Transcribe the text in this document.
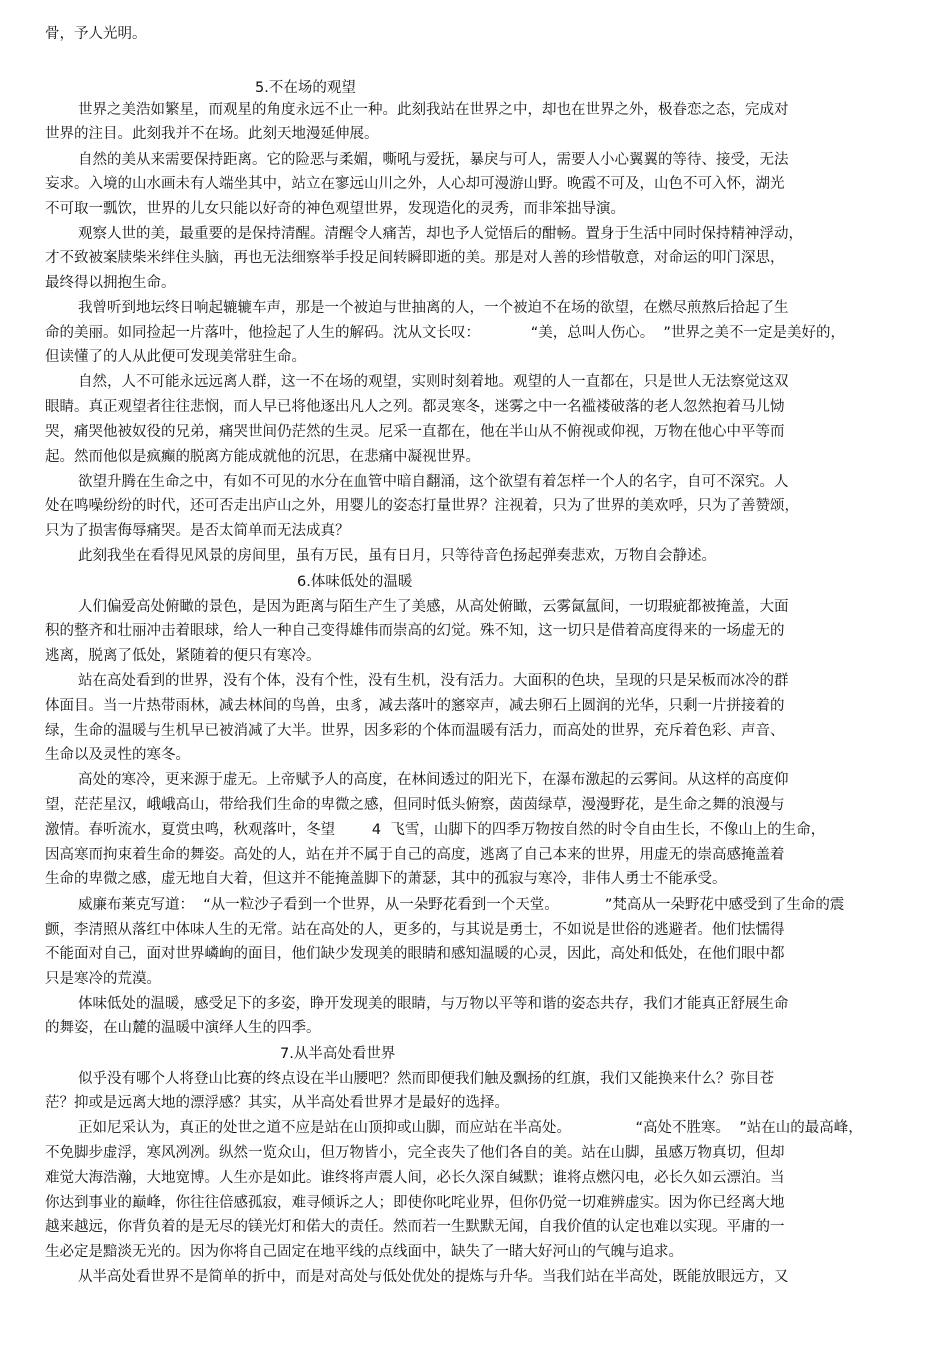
骨，予人光明。
5.不在场的观望
世界之美浩如繁星，而观星的角度永远不止一种。此刻我站在世界之中，却也在世界之外，极眷恋之态，完成对
世界的注目。此刻我并不在场。此刻天地漫延伸展。
自然的美从来需要保持距离。它的险恶与柔媚，嘶吼与爱抚，暴戾与可人，需要人小心翼翼的等待、接受，无法
妄求。入境的山水画未有人端坐其中，站立在寥远山川之外，人心却可漫游山野。晚霞不可及，山色不可入怀，湖光
不可取一瓢饮，世界的儿女只能以好奇的神色观望世界，发现造化的灵秀，而非笨拙导演。
观察人世的美，最重要的是保持清醒。清醒令人痛苦，却也予人觉悟后的酣畅。置身于生活中同时保持精神浮动，
才不致被案牍柴米绊住头脑，再也无法细察举手投足间转瞬即逝的美。那是对人善的珍惜敬意，对命运的叩门深思，
最终得以拥抱生命。
我曾听到地坛终日响起辘辘车声，那是一个被迫与世抽离的人，一个被迫不在场的欲望，在燃尽煎熬后拾起了生
命的美丽。如同捡起一片落叶，他捡起了人生的解码。沈从文长叹：           “美，总叫人伤心。  ”世界之美不一定是美好的，
但读懂了的人从此便可发现美常驻生命。
自然，人不可能永远远离人群，这一不在场的观望，实则时刻着地。观望的人一直都在，只是世人无法察觉这双
眼睛。真正观望者往往悲悯，而人早已将他逐出凡人之列。都灵寒冬，迷雾之中一名褴褛破落的老人忽然抱着马儿恸
哭，痛哭他被奴役的兄弟，痛哭世间仍茫然的生灵。尼采一直都在，他在半山从不俯视或仰视，万物在他心中平等而
起。然而他似是疯癫的脱离方能成就他的沉思，在悲痛中凝视世界。
欲望升腾在生命之中，有如不可见的水分在血管中暗自翻涌，这个欲望有着怎样一个人的名字，自可不深究。人
处在鸣噪纷纷的时代，还可否走出庐山之外，用婴儿的姿态打量世界？注视着，只为了世界的美欢呼，只为了善赞颂，
只为了损害侮辱痛哭。是否太简单而无法成真？
此刻我坐在看得见风景的房间里，虽有万民，虽有日月，只等待音色扬起弹奏悲欢，万物自会静述。
6.体味低处的温暖
人们偏爱高处俯瞰的景色，是因为距离与陌生产生了美感，从高处俯瞰，云雾氤氲间，一切瑕疵都被掩盖，大面
积的整齐和壮丽冲击着眼球，给人一种自己变得雄伟而崇高的幻觉。殊不知，这一切只是借着高度得来的一场虚无的
逃离，脱离了低处，紧随着的便只有寒冷。
站在高处看到的世界，没有个体，没有个性，没有生机，没有活力。大面积的色块，呈现的只是呆板而冰冷的群
体面目。当一片热带雨林，减去林间的鸟兽，虫豸，减去落叶的窸窣声，减去卵石上圆润的光华，只剩一片拼接着的
绿，生命的温暖与生机早已被消减了大半。世界，因多彩的个体而温暖有活力，而高处的世界，充斥着色彩、声音、
生命以及灵性的寒冬。
高处的寒冷，更来源于虚无。上帝赋予人的高度，在林间透过的阳光下，在瀑布激起的云雾间。从这样的高度仰
望，茫茫星汉，峨峨高山，带给我们生命的卑微之感，但同时低头俯察，茵茵绿草，漫漫野花，是生命之舞的浪漫与
激情。春听流水，夏赏虫鸣，秋观落叶，冬望        4  飞雪，山脚下的四季万物按自然的时令自由生长，不像山上的生命，
因高寒而拘束着生命的舞姿。高处的人，站在并不属于自己的高度，逃离了自己本来的世界，用虚无的崇高感掩盖着
生命的卑微之感，虚无地自大着，但这并不能掩盖脚下的萧瑟，其中的孤寂与寒冷，非伟人勇士不能承受。
威廉布莱克写道：  “从一粒沙子看到一个世界，从一朵野花看到一个天堂。          ”梵高从一朵野花中感受到了生命的震
颤，李清照从落红中体味人生的无常。站在高处的人，更多的，与其说是勇士，不如说是世俗的逃避者。他们怯懦得
不能面对自己，面对世界嶙峋的面目，他们缺少发现美的眼睛和感知温暖的心灵，因此，高处和低处，在他们眼中都
只是寒冷的荒漠。
体味低处的温暖，感受足下的多姿，睁开发现美的眼睛，与万物以平等和谐的姿态共存，我们才能真正舒展生命
的舞姿，在山麓的温暖中演绎人生的四季。
7.从半高处看世界
似乎没有哪个人将登山比赛的终点设在半山腰吧？然而即便我们触及飘扬的红旗，我们又能换来什么？弥目苍
茫？抑或是远离大地的漂浮感？其实，从半高处看世界才是最好的选择。
正如尼采认为，真正的处世之道不应是站在山顶抑或山脚，而应站在半高处。              “高处不胜寒。  ”站在山的最高峰，
不免脚步虚浮，寒风冽冽。纵然一览众山，但万物皆小，完全丧失了他们各自的美。站在山脚，虽感万物真切，但却
难觉大海浩瀚，大地宽博。人生亦是如此。谁终将声震人间，必长久深自缄默；谁将点燃闪电，必长久如云漂泊。当
你达到事业的巅峰，你往往倍感孤寂，难寻倾诉之人；即使你叱咤业界，但你仍觉一切难辨虚实。因为你已经离大地
越来越远，你背负着的是无尽的镁光灯和偌大的责任。然而若一生默默无闻，自我价值的认定也难以实现。平庸的一
生必定是黯淡无光的。因为你将自己固定在地平线的点线面中，缺失了一睹大好河山的气魄与追求。
从半高处看世界不是简单的折中，而是对高处与低处优处的提炼与升华。当我们站在半高处，既能放眼远方，又
